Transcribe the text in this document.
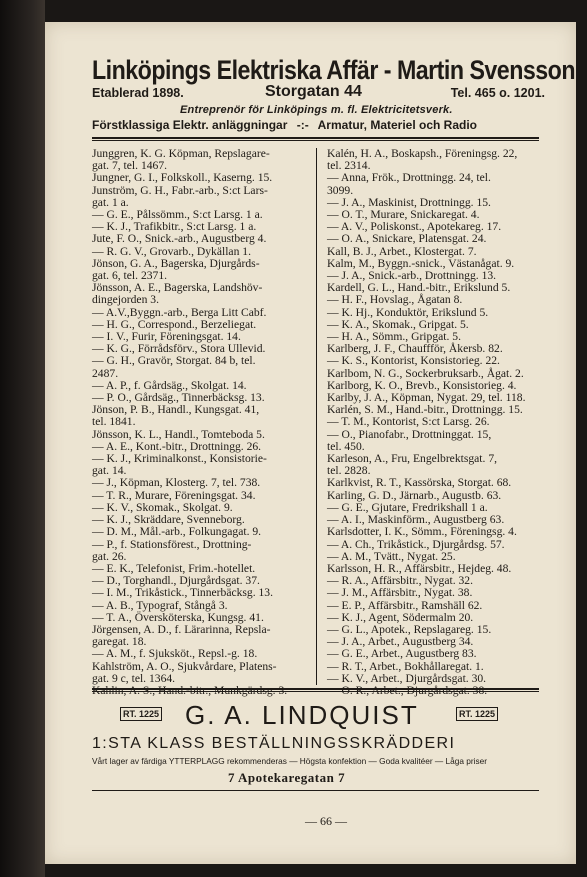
Linköpings Elektriska Affär - Martin Svensson
Etablerad 1898.	Storgatan 44	Tel. 465 o. 1201.
Entreprenör för Linköpings m. fl. Elektricitetsverk.
Förstklassiga Elektr. anläggningar -:- Armatur, Materiel och Radio
Junggren, K. G. Köpman, Repslagare-
gat. 7, tel. 1467.
Jungner, G. I., Folkskoll., Kaserng. 15.
Junström, G. H., Fabr.-arb., S:ct Lars-
gat. 1 a.
— G. E., Pålssömm., S:ct Larsg. 1 a.
— K. J., Trafikbitr., S:ct Larsg. 1 a.
Jute, F. O., Snick.-arb., Augustberg 4.
— R. G. V., Grovarb., Dykällan 1.
Jönson, G. A., Bagerska, Djurgårds-
gat. 6, tel. 2371.
Jönsson, A. E., Bagerska, Landshöv-
dingejorden 3.
— A.V.,Byggn.-arb., Berga Litt Cabf.
— H. G., Correspond., Berzeliegat.
— I. V., Furir, Föreningsgat. 14.
— K. G., Förrådsförv., Stora Ullevid.
— G. H., Gravör, Storgat. 84 b, tel.
2487.
— A. P., f. Gårdsäg., Skolgat. 14.
— P. O., Gårdsäg., Tinnerbäcksg. 13.
Jönson, P. B., Handl., Kungsgat. 41,
tel. 1841.
Jönsson, K. L., Handl., Tomteboda 5.
— A. E., Kont.-bitr., Drottningg. 26.
— K. J., Kriminalkonst., Konsistorie-
gat. 14.
— J., Köpman, Klosterg. 7, tel. 738.
— T. R., Murare, Föreningsgat. 34.
— K. V., Skomak., Skolgat. 9.
— K. J., Skräddare, Svenneborg.
— D. M., Mål.-arb., Folkungagat. 9.
— P., f. Stationsförest., Drottning-
gat. 26.
— E. K., Telefonist, Frim.-hotellet.
— D., Torghandl., Djurgårdsgat. 37.
— I. M., Trikåstick., Tinnerbäcksg. 13.
— A. B., Typograf, Stångå 3.
— T. A., Översköterska, Kungsg. 41.
Jörgensen, A. D., f. Lärarinna, Repsla-
garegat. 18.
— A. M., f. Sjuksköt., Repsl.-g. 18.
Kahlström, A. O., Sjukvårdare, Platens-
gat. 9 c, tel. 1364.
Kalén, H. A., Boskapsh., Föreningsg. 22,
tel. 2314.
— Anna, Frök., Drottningg. 24, tel.
3099.
— J. A., Maskinist, Drottningg. 15.
— O. T., Murare, Snickaregat. 4.
— A. V., Poliskonst., Apotekareg. 17.
— O. A., Snickare, Platensgat. 24.
Kall, B. J., Arbet., Klostergat. 7.
Kalm, M., Byggn.-snick., Västanågat. 9.
— J. A., Snick.-arb., Drottningg. 13.
Kardell, G. L., Hand.-bitr., Erikslund 5.
— H. F., Hovslag., Ågatan 8.
— K. Hj., Konduktör, Erikslund 5.
— K. A., Skomak., Gripgat. 5.
— H. A., Sömm., Gripgat. 5.
Karlberg, J. F., Chauffför, Åkersb. 82.
— K. S., Kontorist, Konsistorieg. 22.
Karlbom, N. G., Sockerbruksarb., Ågat. 2.
Karlborg, K. O., Brevb., Konsistorieg. 4.
Karlby, J. A., Köpman, Nygat. 29, tel. 118.
Karlén, S. M., Hand.-bitr., Drottningg. 15.
— T. M., Kontorist, S:ct Larsg. 26.
— O., Pianofabr., Drottninggat. 15,
tel. 450.
Karleson, A., Fru, Engelbrektsgat. 7,
tel. 2828.
Karlkvist, R. T., Kassörska, Storgat. 68.
Karling, G. D., Järnarb., Augustb. 63.
— G. E., Gjutare, Fredrikshall 1 a.
— A. I., Maskinförm., Augustberg 63.
Karlsdotter, I. K., Sömm., Föreningsg. 4.
— A. Ch., Trikåstick., Djurgårdsg. 57.
— A. M., Tvätt., Nygat. 25.
Karlsson, H. R., Affärsbitr., Hejdeg. 48.
— R. A., Affärsbitr., Nygat. 32.
— J. M., Affärsbitr., Nygat. 38.
— E. P., Affärsbitr., Ramshäll 62.
— K. J., Agent, Södermalm 20.
— G. L., Apotek., Repslagareg. 15.
— J. A., Arbet., Augustberg 34.
— G. E., Arbet., Augustberg 83.
— R. T., Arbet., Bokhållaregat. 1.
— K. V., Arbet., Djurgårdsgat. 30.
RT. 1225 G. A. LINDQUIST	RT. 1225
1:STA KLASS BESTÄLLNINGSSKRÄDDERI
Vårt lager av färdiga YTTERPLAGG rekommenderas — Högsta konfektion — Goda kvalitéer — Låga priser
7 Apotekaregatan 7
— 66 —
